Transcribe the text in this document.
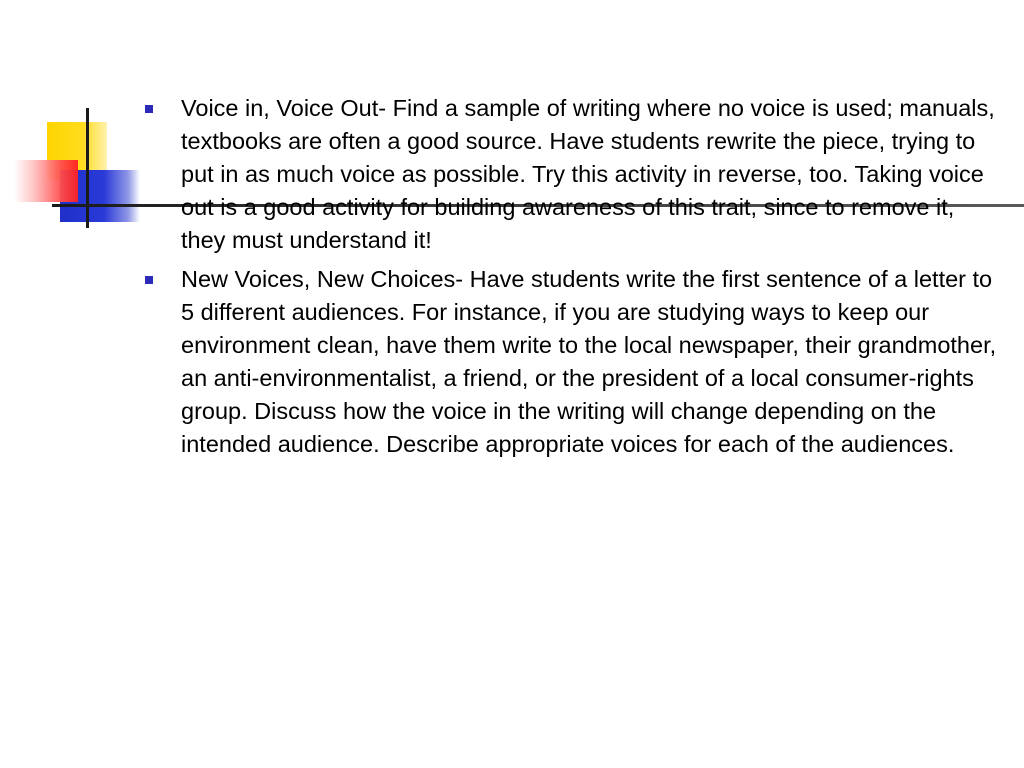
Voice in, Voice Out- Find a sample of writing where no voice is used; manuals, textbooks are often a good source. Have students rewrite the piece, trying to put in as much voice as possible. Try this activity in reverse, too. Taking voice out is a good activity for building awareness of this trait, since to remove it, they must understand it!
New Voices, New Choices- Have students write the first sentence of a letter to 5 different audiences. For instance, if you are studying ways to keep our environment clean, have them write to the local newspaper, their grandmother, an anti-environmentalist, a friend, or the president of a local consumer-rights group. Discuss how the voice in the writing will change depending on the intended audience. Describe appropriate voices for each of the audiences.
